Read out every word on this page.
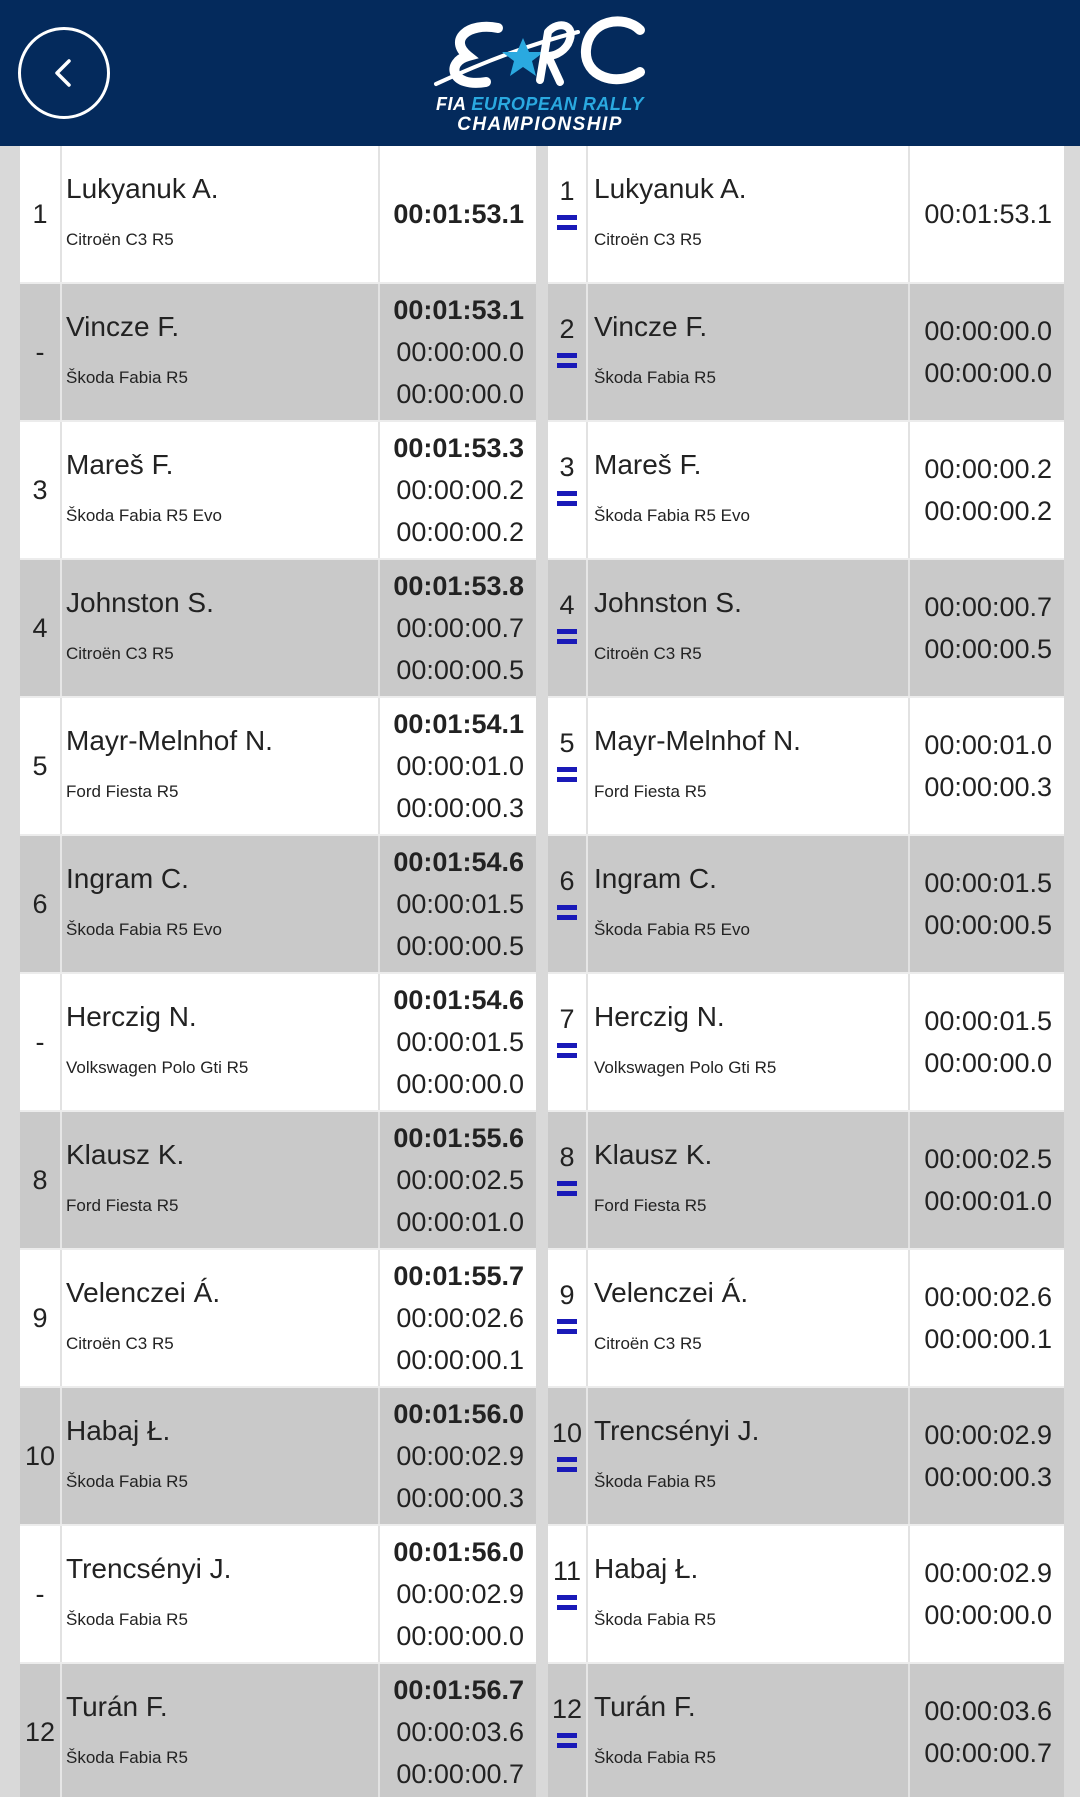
FIA EUROPEAN RALLY
CHAMPIONSHIP
1
Lukyanuk A.
Citroën C3 R5
00:01:53.1
-
Vincze F.
Škoda Fabia R5
00:01:53.1
00:00:00.0
00:00:00.0
3
Mareš F.
Škoda Fabia R5 Evo
00:01:53.3
00:00:00.2
00:00:00.2
4
Johnston S.
Citroën C3 R5
00:01:53.8
00:00:00.7
00:00:00.5
5
Mayr-Melnhof N.
Ford Fiesta R5
00:01:54.1
00:00:01.0
00:00:00.3
6
Ingram C.
Škoda Fabia R5 Evo
00:01:54.6
00:00:01.5
00:00:00.5
-
Herczig N.
Volkswagen Polo Gti R5
00:01:54.6
00:00:01.5
00:00:00.0
8
Klausz K.
Ford Fiesta R5
00:01:55.6
00:00:02.5
00:00:01.0
9
Velenczei Á.
Citroën C3 R5
00:01:55.7
00:00:02.6
00:00:00.1
10
Habaj Ł.
Škoda Fabia R5
00:01:56.0
00:00:02.9
00:00:00.3
-
Trencsényi J.
Škoda Fabia R5
00:01:56.0
00:00:02.9
00:00:00.0
12
Turán F.
Škoda Fabia R5
00:01:56.7
00:00:03.6
00:00:00.7
1 Lukyanuk A.
Citroën C3 R5
00:01:53.1
2 Vincze F.
Škoda Fabia R5
00:00:00.0
00:00:00.0
3 Mareš F.
Škoda Fabia R5 Evo
00:00:00.2
00:00:00.2
4 Johnston S.
Citroën C3 R5
00:00:00.7
00:00:00.5
5 Mayr-Melnhof N.
Ford Fiesta R5
00:00:01.0
00:00:00.3
6 Ingram C.
Škoda Fabia R5 Evo
00:00:01.5
00:00:00.5
7 Herczig N.
Volkswagen Polo Gti R5
00:00:01.5
00:00:00.0
8 Klausz K.
Ford Fiesta R5
00:00:02.5
00:00:01.0
9 Velenczei Á.
Citroën C3 R5
00:00:02.6
00:00:00.1
10 Trencsényi J.
Škoda Fabia R5
00:00:02.9
00:00:00.3
11 Habaj Ł.
Škoda Fabia R5
00:00:02.9
00:00:00.0
12 Turán F.
Škoda Fabia R5
00:00:03.6
00:00:00.7
